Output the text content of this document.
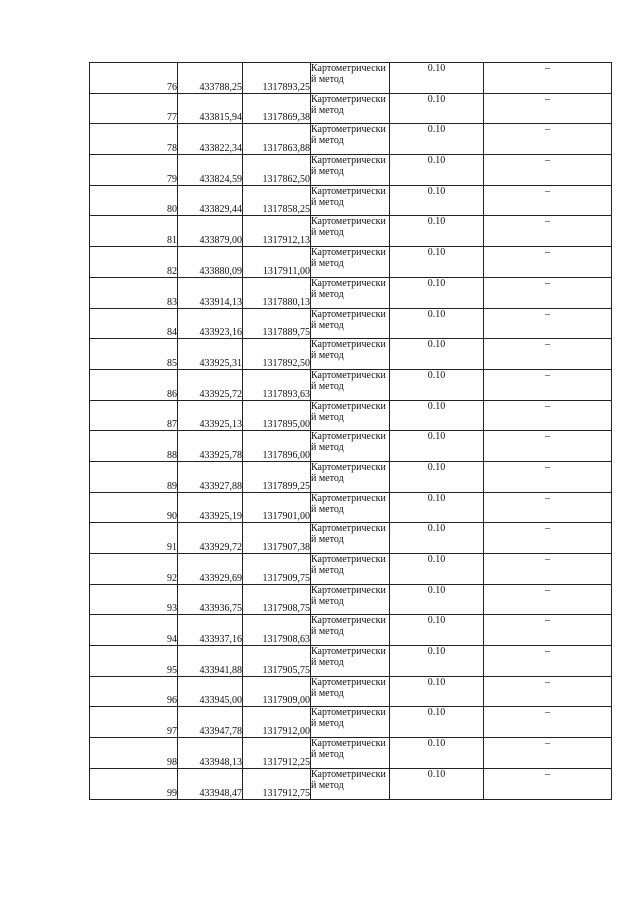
76	433788,25	1317893,25	Картометрический метод	0.10	–
77	433815,94	1317869,38	Картометрический метод	0.10	–
78	433822,34	1317863,88	Картометрический метод	0.10	–
79	433824,59	1317862,50	Картометрический метод	0.10	–
80	433829,44	1317858,25	Картометрический метод	0.10	–
81	433879,00	1317912,13	Картометрический метод	0.10	–
82	433880,09	1317911,00	Картометрический метод	0.10	–
83	433914,13	1317880,13	Картометрический метод	0.10	–
84	433923,16	1317889,75	Картометрический метод	0.10	–
85	433925,31	1317892,50	Картометрический метод	0.10	–
86	433925,72	1317893,63	Картометрический метод	0.10	–
87	433925,13	1317895,00	Картометрический метод	0.10	–
88	433925,78	1317896,00	Картометрический метод	0.10	–
89	433927,88	1317899,25	Картометрический метод	0.10	–
90	433925,19	1317901,00	Картометрический метод	0.10	–
91	433929,72	1317907,38	Картометрический метод	0.10	–
92	433929,69	1317909,75	Картометрический метод	0.10	–
93	433936,75	1317908,75	Картометрический метод	0.10	–
94	433937,16	1317908,63	Картометрический метод	0.10	–
95	433941,88	1317905,75	Картометрический метод	0.10	–
96	433945,00	1317909,00	Картометрический метод	0.10	–
97	433947,78	1317912,00	Картометрический метод	0.10	–
98	433948,13	1317912,25	Картометрический метод	0.10	–
99	433948,47	1317912,75	Картометрический метод	0.10	–
